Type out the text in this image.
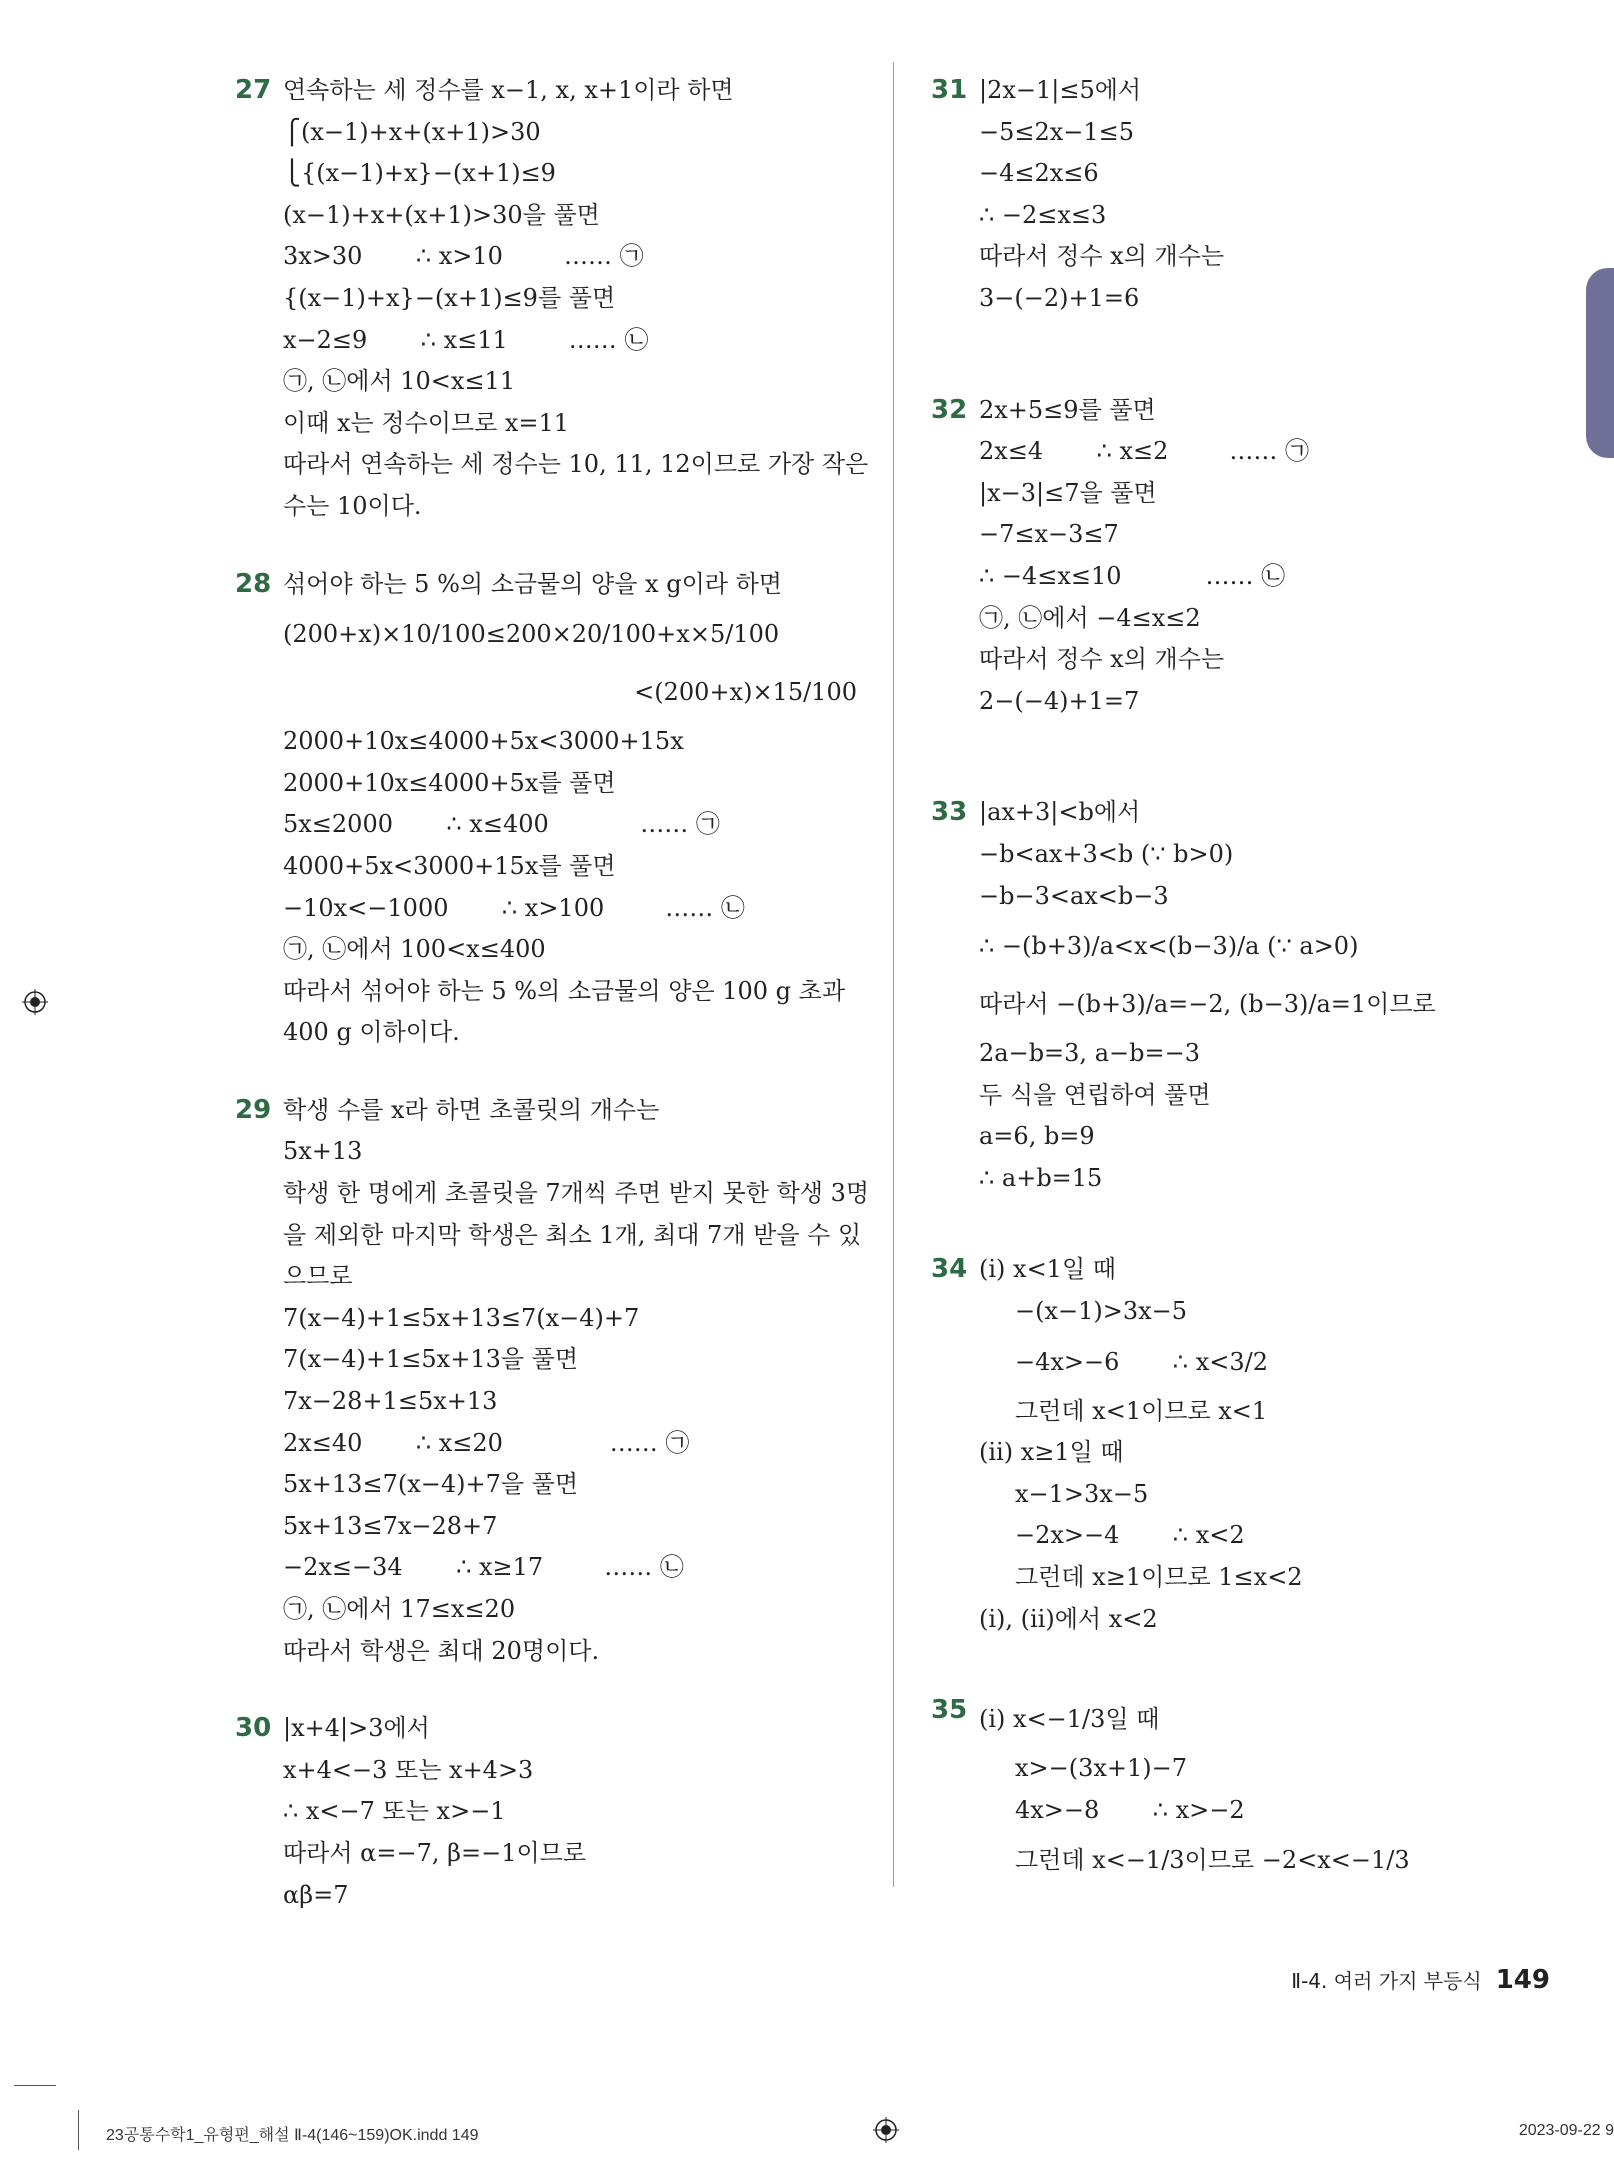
27 연속하는 세 정수를 x−1, x, x+1이라 하면
⎧(x−1)+x+(x+1)>30
⎩{(x−1)+x}−(x+1)≤9
(x−1)+x+(x+1)>30을 풀면
3x>30       ∴ x>10        …… ㉠
{(x−1)+x}−(x+1)≤9를 풀면
x−2≤9       ∴ x≤11        …… ㉡
㉠, ㉡에서 10<x≤11
이때 x는 정수이므로 x=11
따라서 연속하는 세 정수는 10, 11, 12이므로 가장 작은
수는 10이다.
28 섞어야 하는 5 %의 소금물의 양을 x g이라 하면
(200+x)×10/100≤200×20/100+x×5/100
<(200+x)×15/100
2000+10x≤4000+5x<3000+15x
2000+10x≤4000+5x를 풀면
5x≤2000       ∴ x≤400            …… ㉠
4000+5x<3000+15x를 풀면
−10x<−1000       ∴ x>100        …… ㉡
㉠, ㉡에서 100<x≤400
따라서 섞어야 하는 5 %의 소금물의 양은 100 g 초과
400 g 이하이다.
29 학생 수를 x라 하면 초콜릿의 개수는
5x+13
학생 한 명에게 초콜릿을 7개씩 주면 받지 못한 학생 3명
을 제외한 마지막 학생은 최소 1개, 최대 7개 받을 수 있
으므로
7(x−4)+1≤5x+13≤7(x−4)+7
7(x−4)+1≤5x+13을 풀면
7x−28+1≤5x+13
2x≤40       ∴ x≤20              …… ㉠
5x+13≤7(x−4)+7을 풀면
5x+13≤7x−28+7
−2x≤−34       ∴ x≥17        …… ㉡
㉠, ㉡에서 17≤x≤20
따라서 학생은 최대 20명이다.
30 |x+4|>3에서
x+4<−3 또는 x+4>3
∴ x<−7 또는 x>−1
따라서 α=−7, β=−1이므로
αβ=7
31 |2x−1|≤5에서
−5≤2x−1≤5
−4≤2x≤6
∴ −2≤x≤3
따라서 정수 x의 개수는
3−(−2)+1=6
32 2x+5≤9를 풀면
2x≤4       ∴ x≤2        …… ㉠
|x−3|≤7을 풀면
−7≤x−3≤7
∴ −4≤x≤10           …… ㉡
㉠, ㉡에서 −4≤x≤2
따라서 정수 x의 개수는
2−(−4)+1=7
33 |ax+3|<b에서
−b<ax+3<b (∵ b>0)
−b−3<ax<b−3
∴ −(b+3)/a<x<(b−3)/a (∵ a>0)
따라서 −(b+3)/a=−2, (b−3)/a=1이므로
2a−b=3, a−b=−3
두 식을 연립하여 풀면
a=6, b=9
∴ a+b=15
34 (ⅰ) x<1일 때
−(x−1)>3x−5
−4x>−6       ∴ x<3/2
그런데 x<1이므로 x<1
(ⅱ) x≥1일 때
x−1>3x−5
−2x>−4       ∴ x<2
그런데 x≥1이므로 1≤x<2
(ⅰ), (ⅱ)에서 x<2
35 (ⅰ) x<−1/3일 때
x>−(3x+1)−7
4x>−8       ∴ x>−2
그런데 x<−1/3이므로 −2<x<−1/3
Ⅱ-4. 여러 가지 부등식 149
23공통수학1_유형편_해설 Ⅱ-4(146~159)OK.indd 149	2023-09-22 9
